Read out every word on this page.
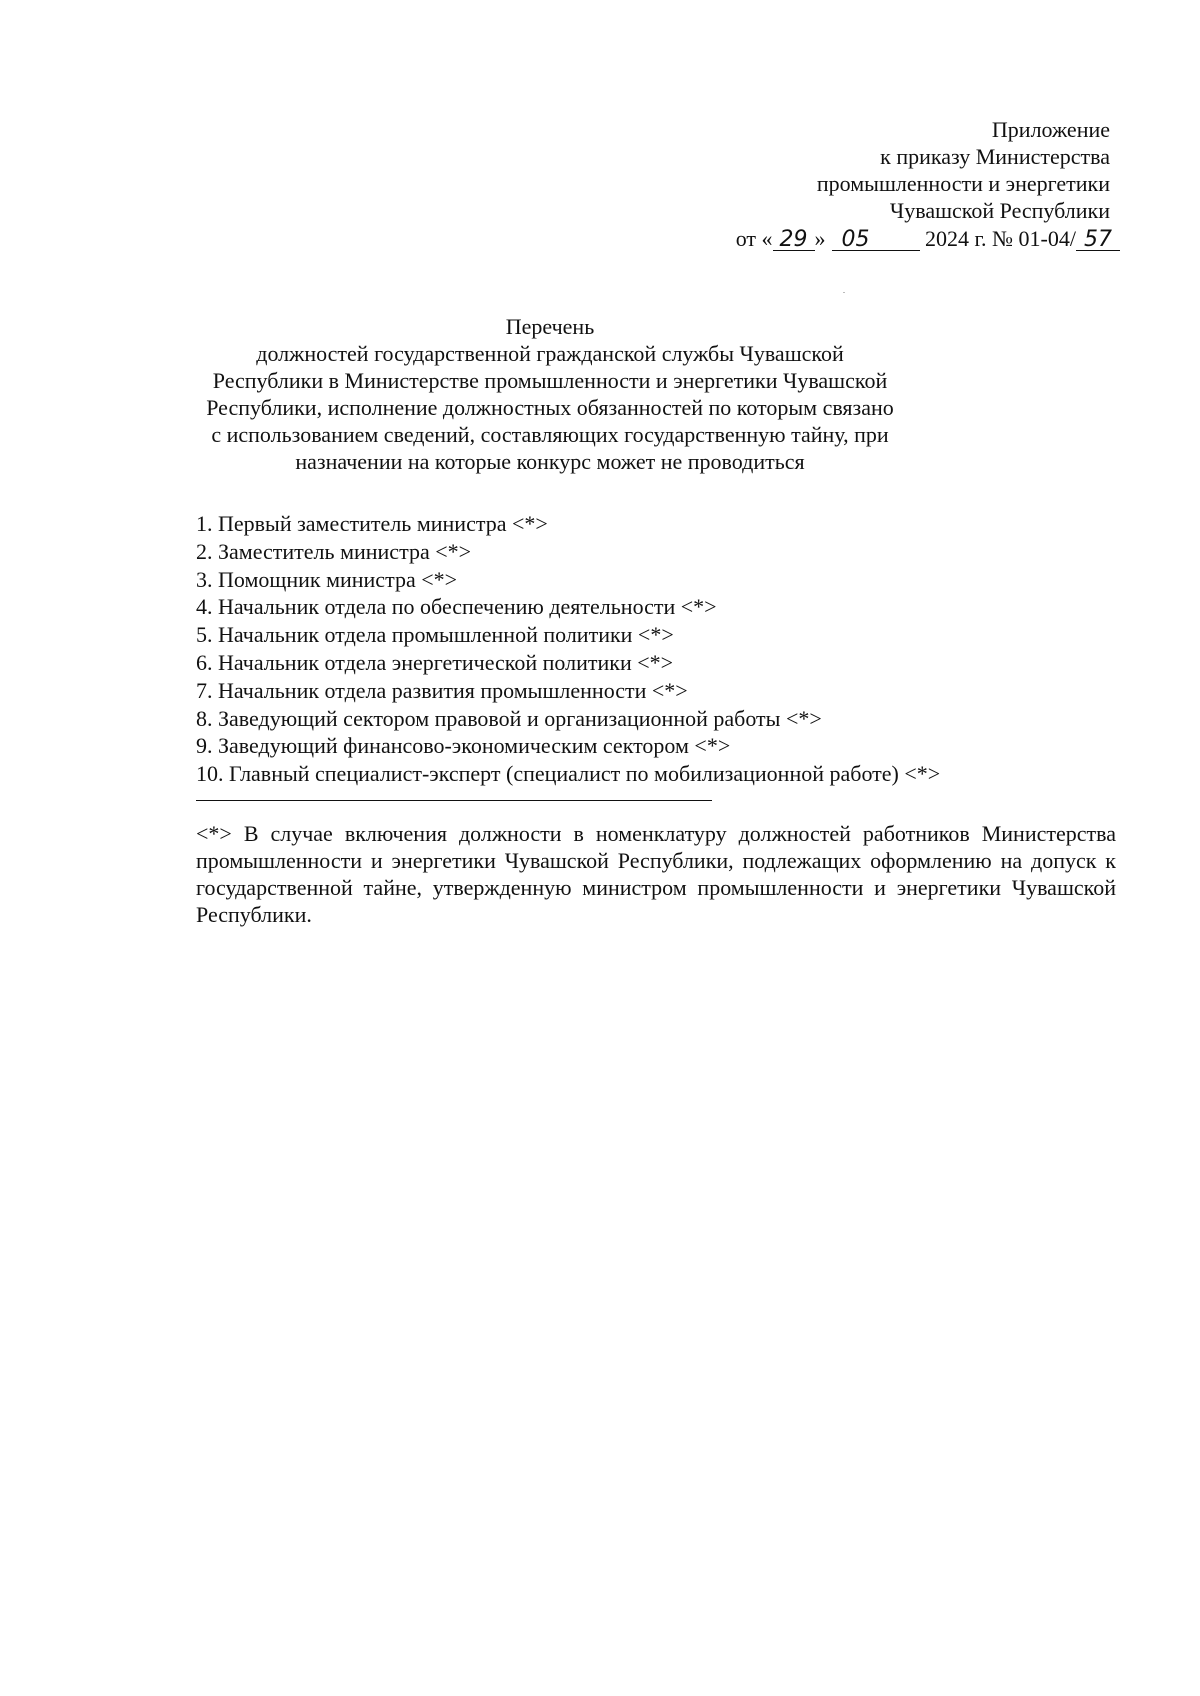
Приложение
к приказу Министерства
промышленности и энергетики
Чувашской Республики
от « 29 » 05	2024 г. № 01-04/ 57
Перечень
должностей государственной гражданской службы Чувашской Республики в Министерстве промышленности и энергетики Чувашской Республики, исполнение должностных обязанностей по которым связано с использованием сведений, составляющих государственную тайну, при назначении на которые конкурс может не проводиться
1. Первый заместитель министра <*>
2. Заместитель министра <*>
3. Помощник министра <*>
4. Начальник отдела по обеспечению деятельности <*>
5. Начальник отдела промышленной политики <*>
6. Начальник отдела энергетической политики <*>
7. Начальник отдела развития промышленности <*>
8. Заведующий сектором правовой и организационной работы <*>
9. Заведующий финансово-экономическим сектором <*>
10. Главный специалист-эксперт (специалист по мобилизационной работе) <*>
<*> В случае включения должности в номенклатуру должностей работников Министерства промышленности и энергетики Чувашской Республики, подлежащих оформлению на допуск к государственной тайне, утвержденную министром промышленности и энергетики Чувашской Республики.
